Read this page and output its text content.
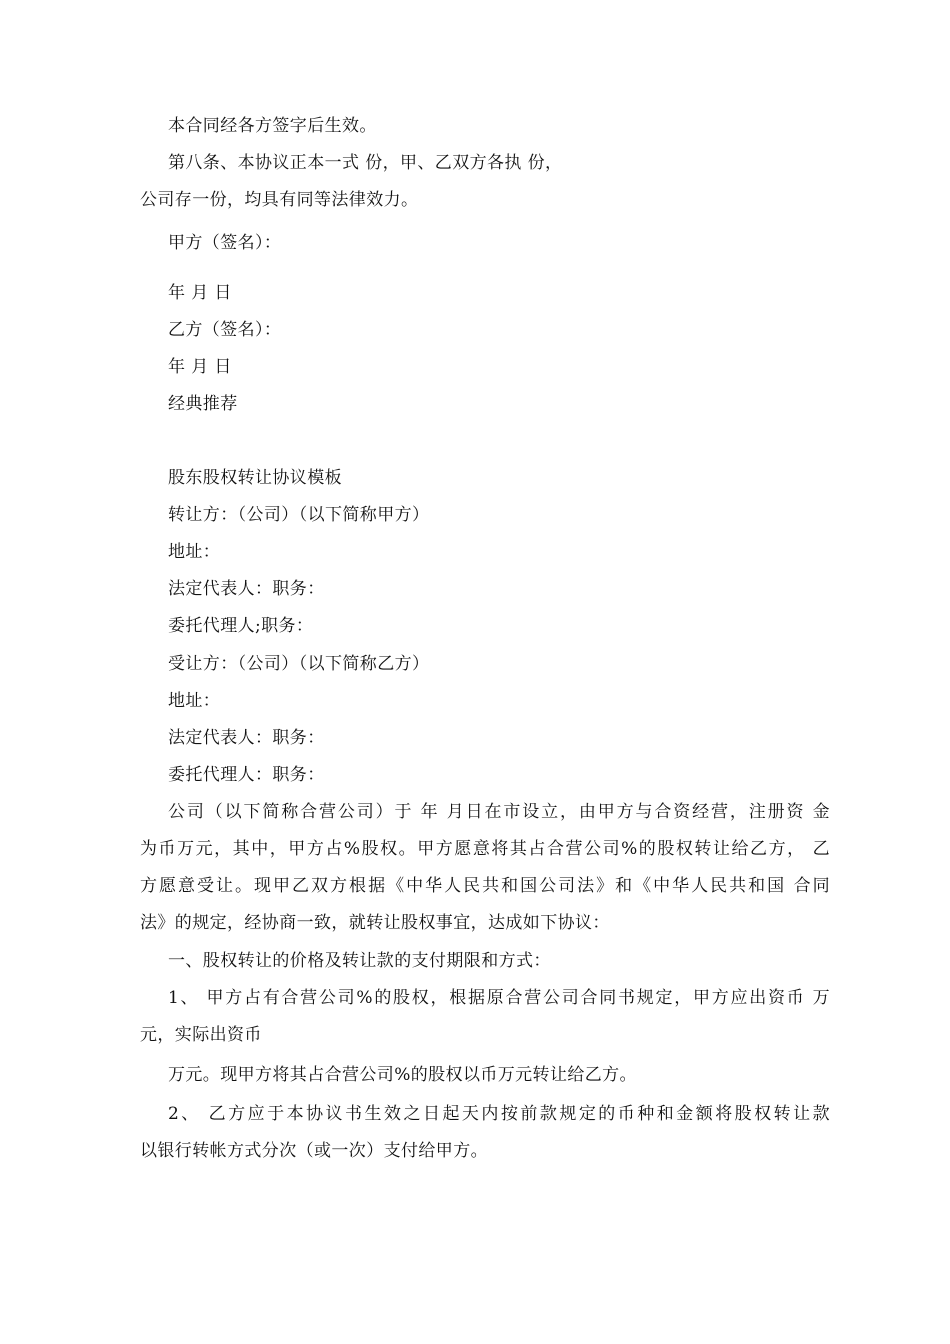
本合同经各方签字后生效。
第八条、本协议正本一式 份，甲、乙双方各执 份，
公司存一份，均具有同等法律效力。
甲方（签名）：
年 月 日
乙方（签名）：
年 月 日
经典推荐
股东股权转让协议模板
转让方：（公司）（以下简称甲方）
地址：
法定代表人：职务：
委托代理人;职务：
受让方：（公司）（以下简称乙方）
地址：
法定代表人：职务：
委托代理人：职务：
公司（以下简称合营公司）于 年 月日在市设立，由甲方与合资经营，注册资 金
为币万元，其中，甲方占%股权。甲方愿意将其占合营公司%的股权转让给乙方， 乙
方愿意受让。现甲乙双方根据《中华人民共和国公司法》和《中华人民共和国 合同
法》的规定，经协商一致，就转让股权事宜，达成如下协议：
一、股权转让的价格及转让款的支付期限和方式：
1、 甲方占有合营公司%的股权，根据原合营公司合同书规定，甲方应出资币 万
元，实际出资币
万元。现甲方将其占合营公司%的股权以币万元转让给乙方。
2、 乙方应于本协议书生效之日起天内按前款规定的币种和金额将股权转让款
以银行转帐方式分次（或一次）支付给甲方。
